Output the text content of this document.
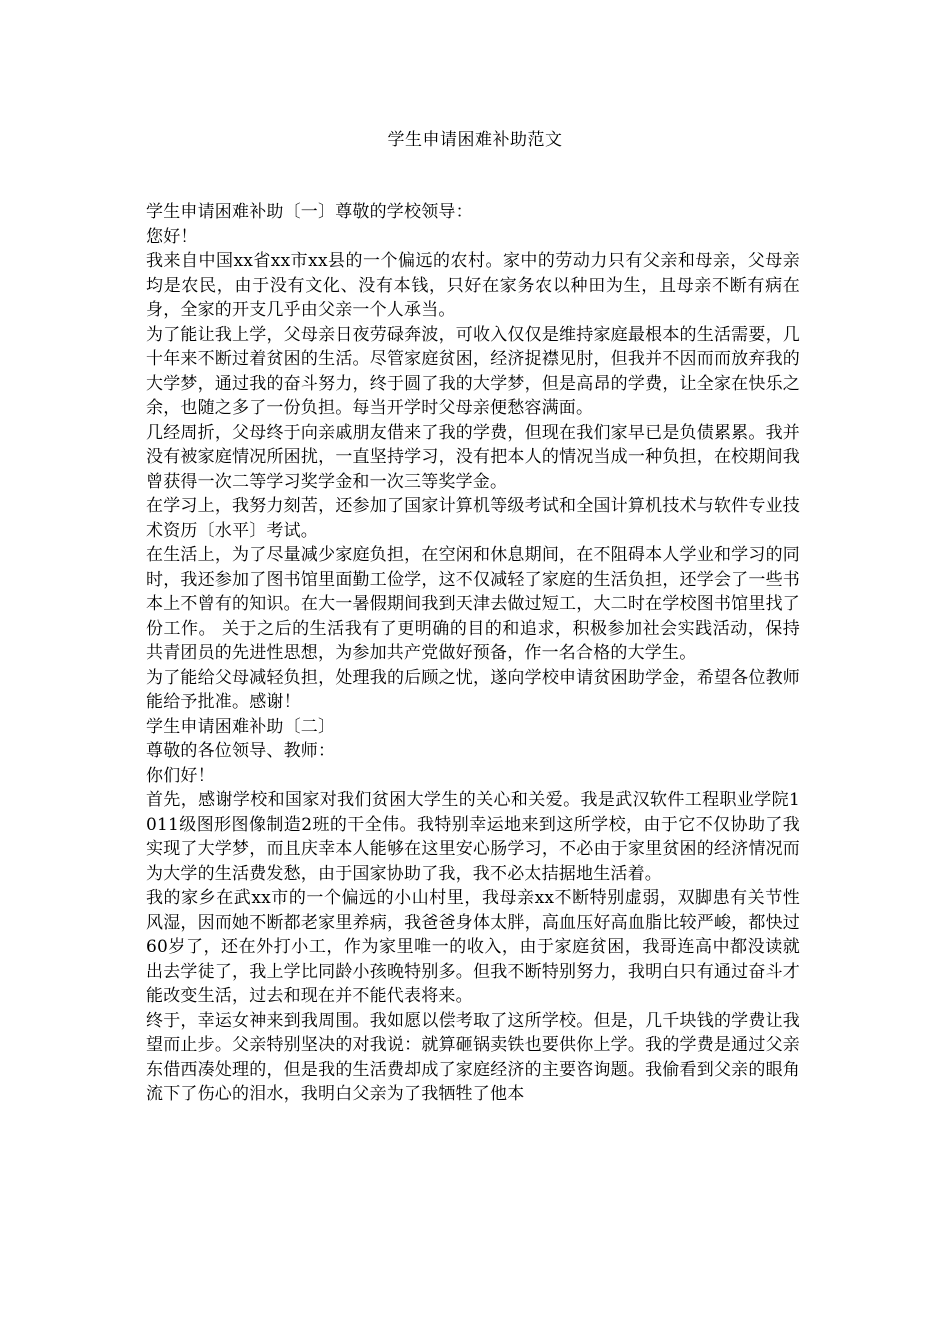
学生申请困难补助范文

学生申请困难补助〔一〕尊敬的学校领导：

您好！

我来自中国xx省xx市xx县的一个偏远的农村。家中的劳动力只有父亲和母亲，父母亲均是农民，由于没有文化、没有本钱，只好在家务农以种田为生，且母亲不断有病在身，全家的开支几乎由父亲一个人承当。

为了能让我上学，父母亲日夜劳碌奔波，可收入仅仅是维持家庭最根本的生活需要，几十年来不断过着贫困的生活。尽管家庭贫困，经济捉襟见肘，但我并不因而而放弃我的大学梦，通过我的奋斗努力，终于圆了我的大学梦，但是高昂的学费，让全家在快乐之余，也随之多了一份负担。每当开学时父母亲便愁容满面。

几经周折，父母终于向亲戚朋友借来了我的学费，但现在我们家早已是负债累累。我并没有被家庭情况所困扰，一直坚持学习，没有把本人的情况当成一种负担，在校期间我曾获得一次二等学习奖学金和一次三等奖学金。

在学习上，我努力刻苦，还参加了国家计算机等级考试和全国计算机技术与软件专业技术资历〔水平〕考试。

在生活上，为了尽量减少家庭负担，在空闲和休息期间，在不阻碍本人学业和学习的同时，我还参加了图书馆里面勤工俭学，这不仅减轻了家庭的生活负担，还学会了一些书本上不曾有的知识。在大一暑假期间我到天津去做过短工，大二时在学校图书馆里找了份工作。 关于之后的生活我有了更明确的目的和追求，积极参加社会实践活动，保持共青团员的先进性思想，为参加共产党做好预备，作一名合格的大学生。

为了能给父母减轻负担，处理我的后顾之忧，遂向学校申请贫困助学金，希望各位教师能给予批准。感谢！

学生申请困难补助〔二〕

尊敬的各位领导、教师：

你们好！

首先，感谢学校和国家对我们贫困大学生的关心和关爱。我是武汉软件工程职业学院1011级图形图像制造2班的干全伟。我特别幸运地来到这所学校，由于它不仅协助了我实现了大学梦，而且庆幸本人能够在这里安心肠学习，不必由于家里贫困的经济情况而为大学的生活费发愁，由于国家协助了我，我不必太拮据地生活着。

我的家乡在武xx市的一个偏远的小山村里，我母亲xx不断特别虚弱，双脚患有关节性风湿，因而她不断都老家里养病，我爸爸身体太胖，高血压好高血脂比较严峻，都快过60岁了，还在外打小工，作为家里唯一的收入，由于家庭贫困，我哥连高中都没读就出去学徒了，我上学比同龄小孩晚特别多。但我不断特别努力，我明白只有通过奋斗才能改变生活，过去和现在并不能代表将来。

终于，幸运女神来到我周围。我如愿以偿考取了这所学校。但是，几千块钱的学费让我望而止步。父亲特别坚决的对我说：就算砸锅卖铁也要供你上学。我的学费是通过父亲东借西凑处理的，但是我的生活费却成了家庭经济的主要咨询题。我偷看到父亲的眼角流下了伤心的泪水，我明白父亲为了我牺牲了他本
